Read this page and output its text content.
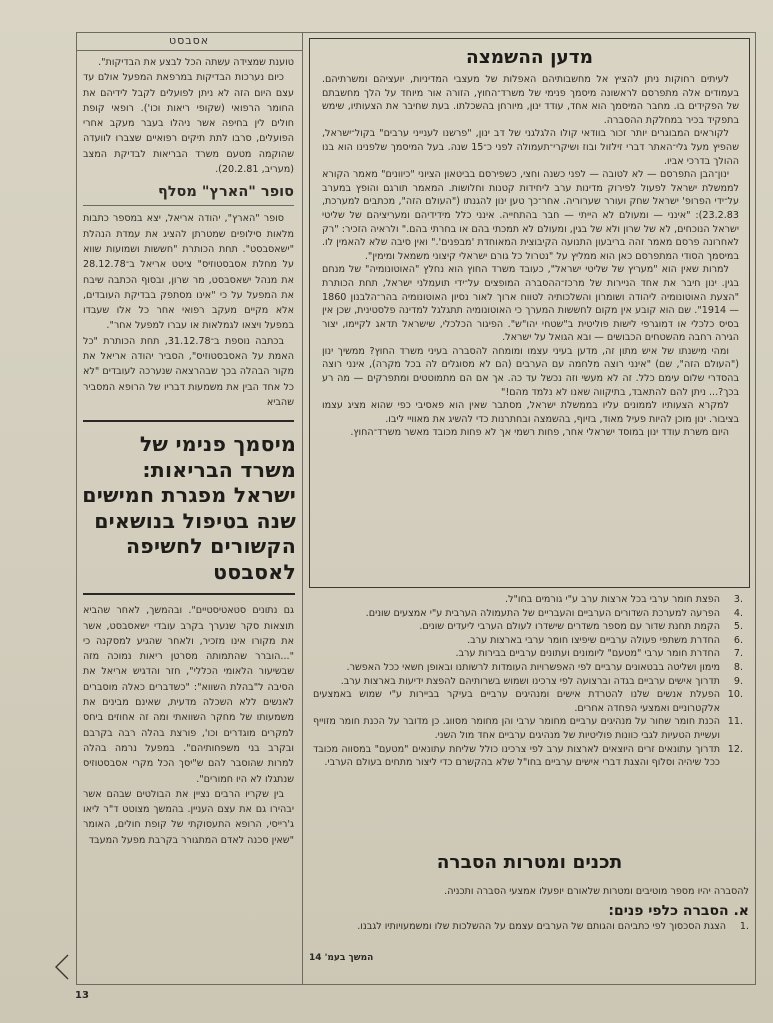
אסבסט

טוענת שמצידה עשתה הכל לבצע את הבדיקות".

כיום נערכות הבדיקות במרפאת המפעל אולם עד עצם היום הזה לא ניתן לפועלים לקבל לידיהם את החומר הרפואי (שקופי ריאות וכו'). רופאי קופת חולים לין בחיפה אשר ניהלו בעבר מעקב אחרי הפועלים, סרבו לתת תיקים רפואיים שצברו לוועדה שהוקמה מטעם משרד הבריאות לבדיקת המצב (מעריב, 20.2.81).

סופר "הארץ" מסלף

סופר "הארץ", יהודה אריאל, יצא במספר כתבות מלאות סילופים שמטרתן להציג את עמדת הנהלת "ישאסבסט". תחת הכותרת "חששות ושמועות שווא על מחלת אסבסטוזיס" ציטט אריאל ב־28.12.78 את מנהל ישאסבסט, מר שרון, ובסוף הכתבה שיבח את המפעל על כי "אינו מסתפק בבדיקת העובדים, אלא מקיים מעקב רפואי אחר כל אלו שעבדו במפעל ויצאו לגמלאות או עברו למפעל אחר".

בכתבה נוספת ב־31.12.78, תחת הכותרת "כל האמת על האסבסטוזיס", הסביר יהודה אריאל את מקור הבהלה בכך שבהרצאה שנערכה לעובדים "לא כל אחד הבין את משמעות דבריו של הרופא המסביר שהביא

מיסמך פנימי של משרד הבריאות: ישראל מפגרת חמישים שנה בטיפול בנושאים הקשורים לחשיפה לאסבסט

גם נתונים סטאטיסטיים". ובהמשך, לאחר שהביא תוצאות סקר שנערך בקרב עובדי ישאסבסט, אשר את מקורו אינו מזכיר, ולאחר שהגיע למסקנה כי "...הוברר שהתמותה מסרטן ריאות נמוכה מזה שבשיעור הלאומי הכללי", חזר והדגיש אריאל את הסיבה ל"בהלת השווא": "כשדברים כאלה מוסברים לאנשים ללא השכלה מדעית, שאינם מבינים את משמעותו של מחקר השוואתי ומה זה אחוזים ביחס למקרים מוגדרים וכו', פורצת בהלה רבה בקרבם ובקרב בני משפחותיהם". במפעל נרמה בהלה למרות שהוסבר להם ש"יסך הכל מקרי אסבסטוזיס שנתגלו לא היו חמורים".

בין שקריו הרבים נציין את הבולטים שבהם אשר יבהירו גם את עצם העניין. בהמשך מצוטט ד"ר ליאו ג'רייסי, הרופא התעסוקתי של קופת חולים, האומר "שאין סכנה לאדם המתגורר בקרבת מפעל המעבד

מדען ההשמצה

לעיתים רחוקות ניתן להציץ אל מחשבותיהם האפלות של מעצבי המדיניות, יועציהם ומשרתיהם. בעמודים אלה מתפרסם לראשונה מיסמך פנימי של משרד־החוץ, הזורה אור מיוחד על הלך מחשבתם של הפקידים בו. מחבר המיסמך הוא אחד, עודד ינון, מיורחן בהשכלתו. בעת שחיבר את הצעותיו, שימש בתפקיד בכיר במחלקת ההסברה.

לקוראים המבוגרים יותר זכור בוודאי קולו הלגלגני של דב ינון, "פרשנו לענייני ערבים" בקול־ישראל, שהפיץ מעל גלי־האתר דברי זילזול ובוז ושיקרי־תעמולה לפני כ־15 שנה. בעל המיסמך שלפנינו הוא בנו ההולך בדרכי אביו.

ינון־הבן התפרסם — לא לטובה — לפני כשנה וחצי, כשפירסם בביטאון הציוני "כיוונים" מאמר הקורא לממשלת ישראל לפעול לפירוק מדינות ערב ליחידות קטנות וחלושות. המאמר תורגם והופץ במערב על־ידי הפרופ' ישראל שחק ועורר שערוריה. אחר־כך טען ינון להגנתו ("העולם הזה", מכתבים למערכת, 23.2.83): "אינני — ומעולם לא הייתי — חבר בהתחייה. אינני כלל מידידיהם ומעריציהם של שליטי ישראל הנוכחים, לא של שרון ולא של בגין, ומעולם לא תמכתי בהם או בחרתי בהם." ולראיה הזכיר: "רק לאחרונה פרסם מאמר זהה בריבעון התנועה הקיבוצית המאוחדת 'מבפנים'." ואין סיבה שלא להאמין לו. במיסמך הסודי המתפרסם כאן הוא ממליץ על "נטרול כל גורם ישראלי קיצוני משמאל ומימין".

למרות שאין הוא "מעריץ של שליטי ישראל", כעובד משרד החוץ הוא נחלץ "האוטונומיה" של מנחם בגין. ינון חיבר את אחד הניירות של מרכז־ההסברה המופצים על־ידי תועמלני ישראל, תחת הכותרת "הצעת האוטונומיה ליהודה ושומרון והשלכותיה לטווח ארוך לאור נסיון האוטונומיה בהר־הלבנון 1860 — 1914". שם הוא קובע אין מקום לחששות המערך כי האוטונומיה תתגלגל למדינה פלסטינית, שכן אין בסיס כלכלי או דמוגרפי לישות פוליטית ב"שטחי יהו"ש". הפיגור הכלכלי, שישראל תדאג לקיימו, יצור הגירה רחבה מהשטחים הכבושים — ובא הגואל על ישראל.

ומהי מישנתו של איש מתון זה, מדען בעיני עצמו ומומחה להסברה בעיני משרד החוץ? ממשיך ינון ("העולם הזה", שם) "אינני רוצה מלחמה עם הערבים (הם לא מסוגלים לה בכל מקרה), אינני רוצה בהסדרי שלום עימם כלל. זה לא מעשי וזה נכשל עד כה. אך אם הם מתמוטטים ומתפרקים — מה רע בכך?... ניתן להם להתאבד, בתיקווה שאנו לא נלמד מהם!"

למקרא הצעותיו לממונים עליו בממשלת ישראל, מסתבר שאין הוא פאסיבי כפי שהוא מציג עצמו בציבור. ינון מוכן להיות פעיל מאוד, בזיוף, בהשמצה ובחתרנות כדי להשיג את מאוויי ליבו.

היום משרת עודד ינון במוסד ישראלי אחר, פחות רשמי אך לא פחות מכובד מאשר משרד־החוץ.

3.
הפצת חומר ערבי בכל ארצות ערב ע"י גורמים בחו"ל.
4.
הפרעה למערכת השדורים הערביים והעבריים של התעמולה הערבית ע"י אמצעים שונים.
5.
הקמת תחנת שדור עם מספר משדרים שישדרו לעולם הערבי ליעדים שונים.
6.
החדרת משתפי פעולה ערביים שיפיצו חומר ערבי בארצות ערב.
7.
החדרת חומר ערבי "מטעם" ליומונים ועתונים ערביים בבירות ערב.
8.
מימון ושליטה בבטאונים ערביים לפי האפשרויות העומדות לרשותנו ובאופן חשאי ככל האפשר.
9.
תדרוך אישים ערביים בגדה וברצועה לפי צרכינו ושמוש בשרותיהם להפצת ידיעות בארצות ערב.
10.
הפעלת אנשים שלנו להטרדת אישים ומנהיגים ערביים בעיקר בביירות ע"י שמוש באמצעים אלקטרוניים ואמצעי הפחדה אחרים.
11.
הכנת חומר שחור על מנהיגים ערביים מחומר ערבי והן מחומר מסווג. כן מדובר על הכנת חומר מזוייף ועשיית הטעיות לגבי כוונות פוליטיות של מנהיגים ערביים אחד מול השני.
12.
תדרוך עתונאים זרים היוצאים לארצות ערב לפי צרכינו כולל שליחת עתונאים "מטעם" במסווה מכובד ככל שיהיה וסלוף והצגת דברי אישים ערביים בחו"ל שלא בהקשרם כדי ליצור מתחים בעולם הערבי.
תכנים ומטרות הסברה
להסברה יהיו מספר מוטיבים ומטרות שלאורם יופעלו אמצעי הסברה ותכניה.
א. הסברה כלפי פנים:
1.
הצגת הסכסוך לפי כתביהם והגותם של הערבים עצמם על ההשלכות שלו ומשמעויותיו לגבנו.
המשך בעמ' 14
13
